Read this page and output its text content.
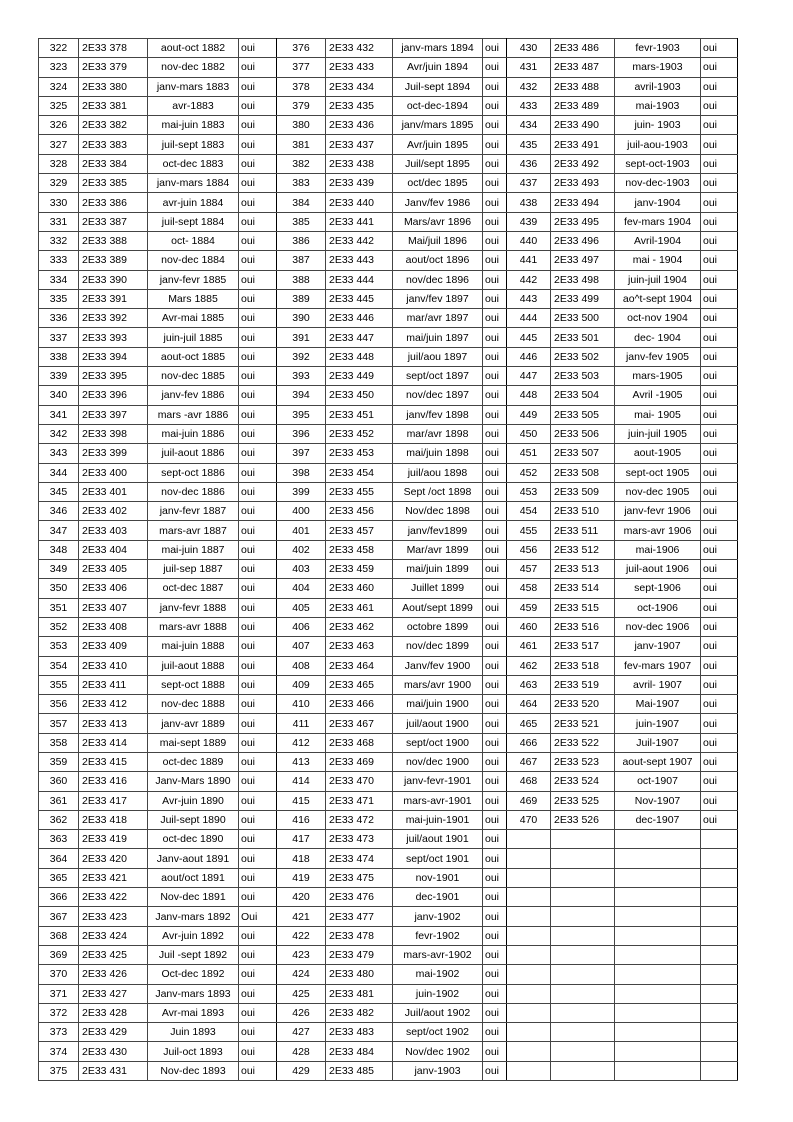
322	2E33 378	aout-oct 1882	oui	376	2E33 432	janv-mars 1894	oui	430	2E33 486	fevr-1903	oui
323	2E33 379	nov-dec 1882	oui	377	2E33 433	Avr/juin 1894	oui	431	2E33 487	mars-1903	oui
324	2E33 380	janv-mars 1883	oui	378	2E33 434	Juil-sept 1894	oui	432	2E33 488	avril-1903	oui
325	2E33 381	avr-1883	oui	379	2E33 435	oct-dec-1894	oui	433	2E33 489	mai-1903	oui
326	2E33 382	mai-juin 1883	oui	380	2E33 436	janv/mars 1895	oui	434	2E33 490	juin- 1903	oui
327	2E33 383	juil-sept 1883	oui	381	2E33 437	Avr/juin 1895	oui	435	2E33 491	juil-aou-1903	oui
328	2E33 384	oct-dec 1883	oui	382	2E33 438	Juil/sept 1895	oui	436	2E33 492	sept-oct-1903	oui
329	2E33 385	janv-mars 1884	oui	383	2E33 439	oct/dec 1895	oui	437	2E33 493	nov-dec-1903	oui
330	2E33 386	avr-juin 1884	oui	384	2E33 440	Janv/fev 1986	oui	438	2E33 494	janv-1904	oui
331	2E33 387	juil-sept 1884	oui	385	2E33 441	Mars/avr 1896	oui	439	2E33 495	fev-mars 1904	oui
332	2E33 388	oct- 1884	oui	386	2E33 442	Mai/juil 1896	oui	440	2E33 496	Avril-1904	oui
333	2E33 389	nov-dec 1884	oui	387	2E33 443	aout/oct 1896	oui	441	2E33 497	mai - 1904	oui
334	2E33 390	janv-fevr 1885	oui	388	2E33 444	nov/dec 1896	oui	442	2E33 498	juin-juil 1904	oui
335	2E33 391	Mars 1885	oui	389	2E33 445	janv/fev 1897	oui	443	2E33 499	ao^t-sept 1904	oui
336	2E33 392	Avr-mai 1885	oui	390	2E33 446	mar/avr 1897	oui	444	2E33 500	oct-nov 1904	oui
337	2E33 393	juin-juil 1885	oui	391	2E33 447	mai/juin 1897	oui	445	2E33 501	dec- 1904	oui
338	2E33 394	aout-oct 1885	oui	392	2E33 448	juil/aou 1897	oui	446	2E33 502	janv-fev 1905	oui
339	2E33 395	nov-dec 1885	oui	393	2E33 449	sept/oct 1897	oui	447	2E33 503	mars-1905	oui
340	2E33 396	janv-fev 1886	oui	394	2E33 450	nov/dec 1897	oui	448	2E33 504	Avril -1905	oui
341	2E33 397	mars -avr 1886	oui	395	2E33 451	janv/fev 1898	oui	449	2E33 505	mai- 1905	oui
342	2E33 398	mai-juin 1886	oui	396	2E33 452	mar/avr 1898	oui	450	2E33 506	juin-juil 1905	oui
343	2E33 399	juil-aout 1886	oui	397	2E33 453	mai/juin 1898	oui	451	2E33 507	aout-1905	oui
344	2E33 400	sept-oct 1886	oui	398	2E33 454	juil/aou 1898	oui	452	2E33 508	sept-oct 1905	oui
345	2E33 401	nov-dec 1886	oui	399	2E33 455	Sept /oct 1898	oui	453	2E33 509	nov-dec 1905	oui
346	2E33 402	janv-fevr 1887	oui	400	2E33 456	Nov/dec 1898	oui	454	2E33 510	janv-fevr 1906	oui
347	2E33 403	mars-avr 1887	oui	401	2E33 457	janv/fev1899	oui	455	2E33 511	mars-avr 1906	oui
348	2E33 404	mai-juin 1887	oui	402	2E33 458	Mar/avr 1899	oui	456	2E33 512	mai-1906	oui
349	2E33 405	juil-sep 1887	oui	403	2E33 459	mai/juin 1899	oui	457	2E33 513	juil-aout 1906	oui
350	2E33 406	oct-dec 1887	oui	404	2E33 460	Juillet 1899	oui	458	2E33 514	sept-1906	oui
351	2E33 407	janv-fevr 1888	oui	405	2E33 461	Aout/sept 1899	oui	459	2E33 515	oct-1906	oui
352	2E33 408	mars-avr 1888	oui	406	2E33 462	octobre 1899	oui	460	2E33 516	nov-dec 1906	oui
353	2E33 409	mai-juin 1888	oui	407	2E33 463	nov/dec 1899	oui	461	2E33 517	janv-1907	oui
354	2E33 410	juil-aout 1888	oui	408	2E33 464	Janv/fev 1900	oui	462	2E33 518	fev-mars 1907	oui
355	2E33 411	sept-oct 1888	oui	409	2E33 465	mars/avr 1900	oui	463	2E33 519	avril- 1907	oui
356	2E33 412	nov-dec 1888	oui	410	2E33 466	mai/juin 1900	oui	464	2E33 520	Mai-1907	oui
357	2E33 413	janv-avr 1889	oui	411	2E33 467	juil/aout 1900	oui	465	2E33 521	juin-1907	oui
358	2E33 414	mai-sept 1889	oui	412	2E33 468	sept/oct 1900	oui	466	2E33 522	Juil-1907	oui
359	2E33 415	oct-dec 1889	oui	413	2E33 469	nov/dec 1900	oui	467	2E33 523	aout-sept 1907	oui
360	2E33 416	Janv-Mars 1890	oui	414	2E33 470	janv-fevr-1901	oui	468	2E33 524	oct-1907	oui
361	2E33 417	Avr-juin 1890	oui	415	2E33 471	mars-avr-1901	oui	469	2E33 525	Nov-1907	oui
362	2E33 418	Juil-sept 1890	oui	416	2E33 472	mai-juin-1901	oui	470	2E33 526	dec-1907	oui
363	2E33 419	oct-dec 1890	oui	417	2E33 473	juil/aout 1901	oui				
364	2E33 420	Janv-aout 1891	oui	418	2E33 474	sept/oct 1901	oui				
365	2E33 421	aout/oct 1891	oui	419	2E33 475	nov-1901	oui				
366	2E33 422	Nov-dec 1891	oui	420	2E33 476	dec-1901	oui				
367	2E33 423	Janv-mars 1892	Oui	421	2E33 477	janv-1902	oui				
368	2E33 424	Avr-juin 1892	oui	422	2E33 478	fevr-1902	oui				
369	2E33 425	Juil -sept 1892	oui	423	2E33 479	mars-avr-1902	oui				
370	2E33 426	Oct-dec 1892	oui	424	2E33 480	mai-1902	oui				
371	2E33 427	Janv-mars 1893	oui	425	2E33 481	juin-1902	oui				
372	2E33 428	Avr-mai 1893	oui	426	2E33 482	Juil/aout 1902	oui				
373	2E33 429	Juin 1893	oui	427	2E33 483	sept/oct 1902	oui				
374	2E33 430	Juil-oct 1893	oui	428	2E33 484	Nov/dec 1902	oui				
375	2E33 431	Nov-dec 1893	oui	429	2E33 485	janv-1903	oui				
